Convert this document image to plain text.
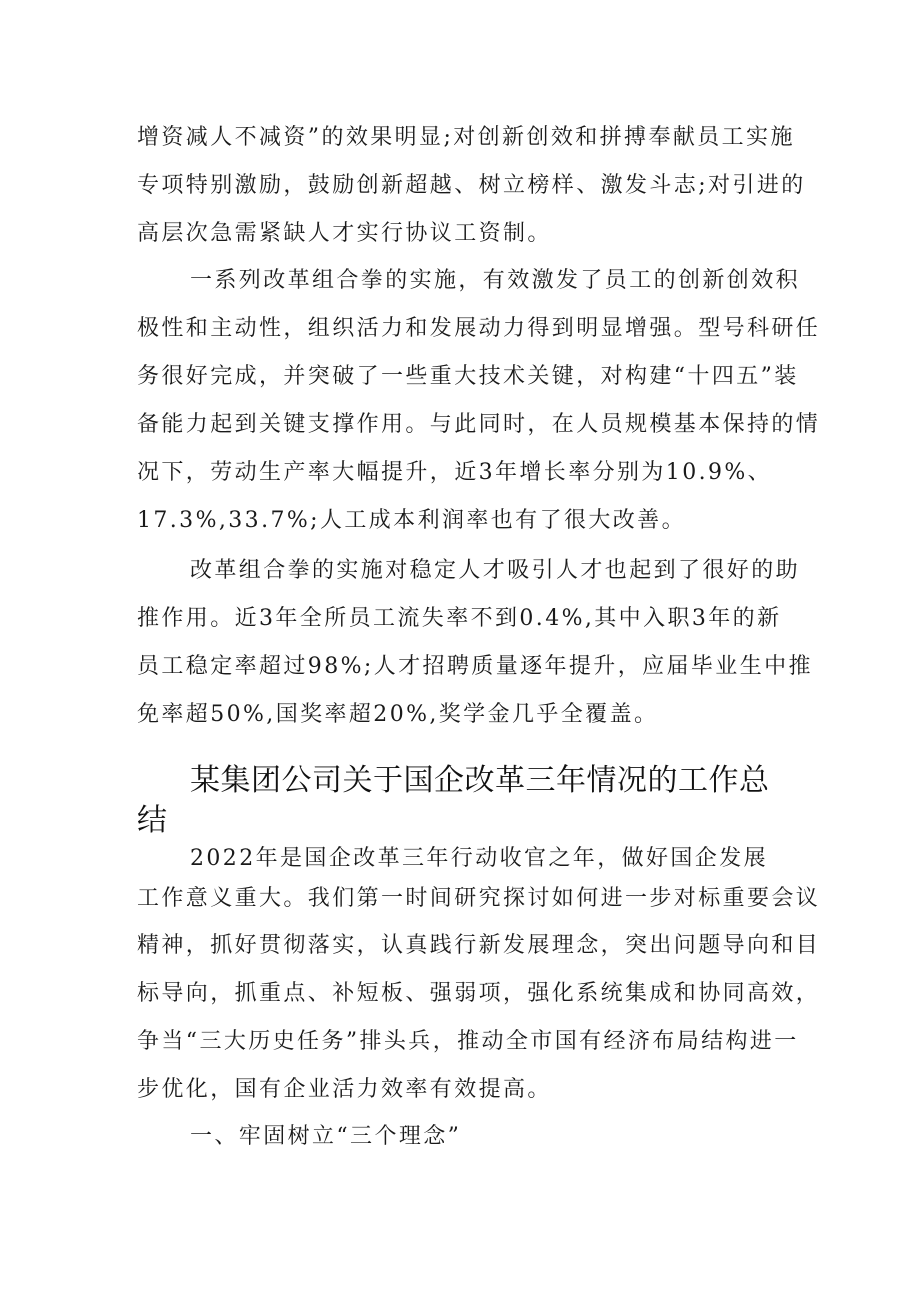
增资减人不减资”的效果明显;对创新创效和拼搏奉献员工实施
专项特别激励，鼓励创新超越、树立榜样、激发斗志;对引进的
高层次急需紧缺人才实行协议工资制。
一系列改革组合拳的实施，有效激发了员工的创新创效积
极性和主动性，组织活力和发展动力得到明显增强。型号科研任
务很好完成，并突破了一些重大技术关键，对构建“十四五”装
备能力起到关键支撑作用。与此同时，在人员规模基本保持的情
况下，劳动生产率大幅提升，近3年增长率分别为10.9%、
17.3%,33.7%;人工成本利润率也有了很大改善。
改革组合拳的实施对稳定人才吸引人才也起到了很好的助
推作用。近3年全所员工流失率不到0.4%,其中入职3年的新
员工稳定率超过98%;人才招聘质量逐年提升，应届毕业生中推
免率超50%,国奖率超20%,奖学金几乎全覆盖。
某集团公司关于国企改革三年情况的工作总
结
2022年是国企改革三年行动收官之年，做好国企发展
工作意义重大。我们第一时间研究探讨如何进一步对标重要会议
精神，抓好贯彻落实，认真践行新发展理念，突出问题导向和目
标导向，抓重点、补短板、强弱项，强化系统集成和协同高效，
争当“三大历史任务”排头兵，推动全市国有经济布局结构进一
步优化，国有企业活力效率有效提高。
一、牢固树立“三个理念”
